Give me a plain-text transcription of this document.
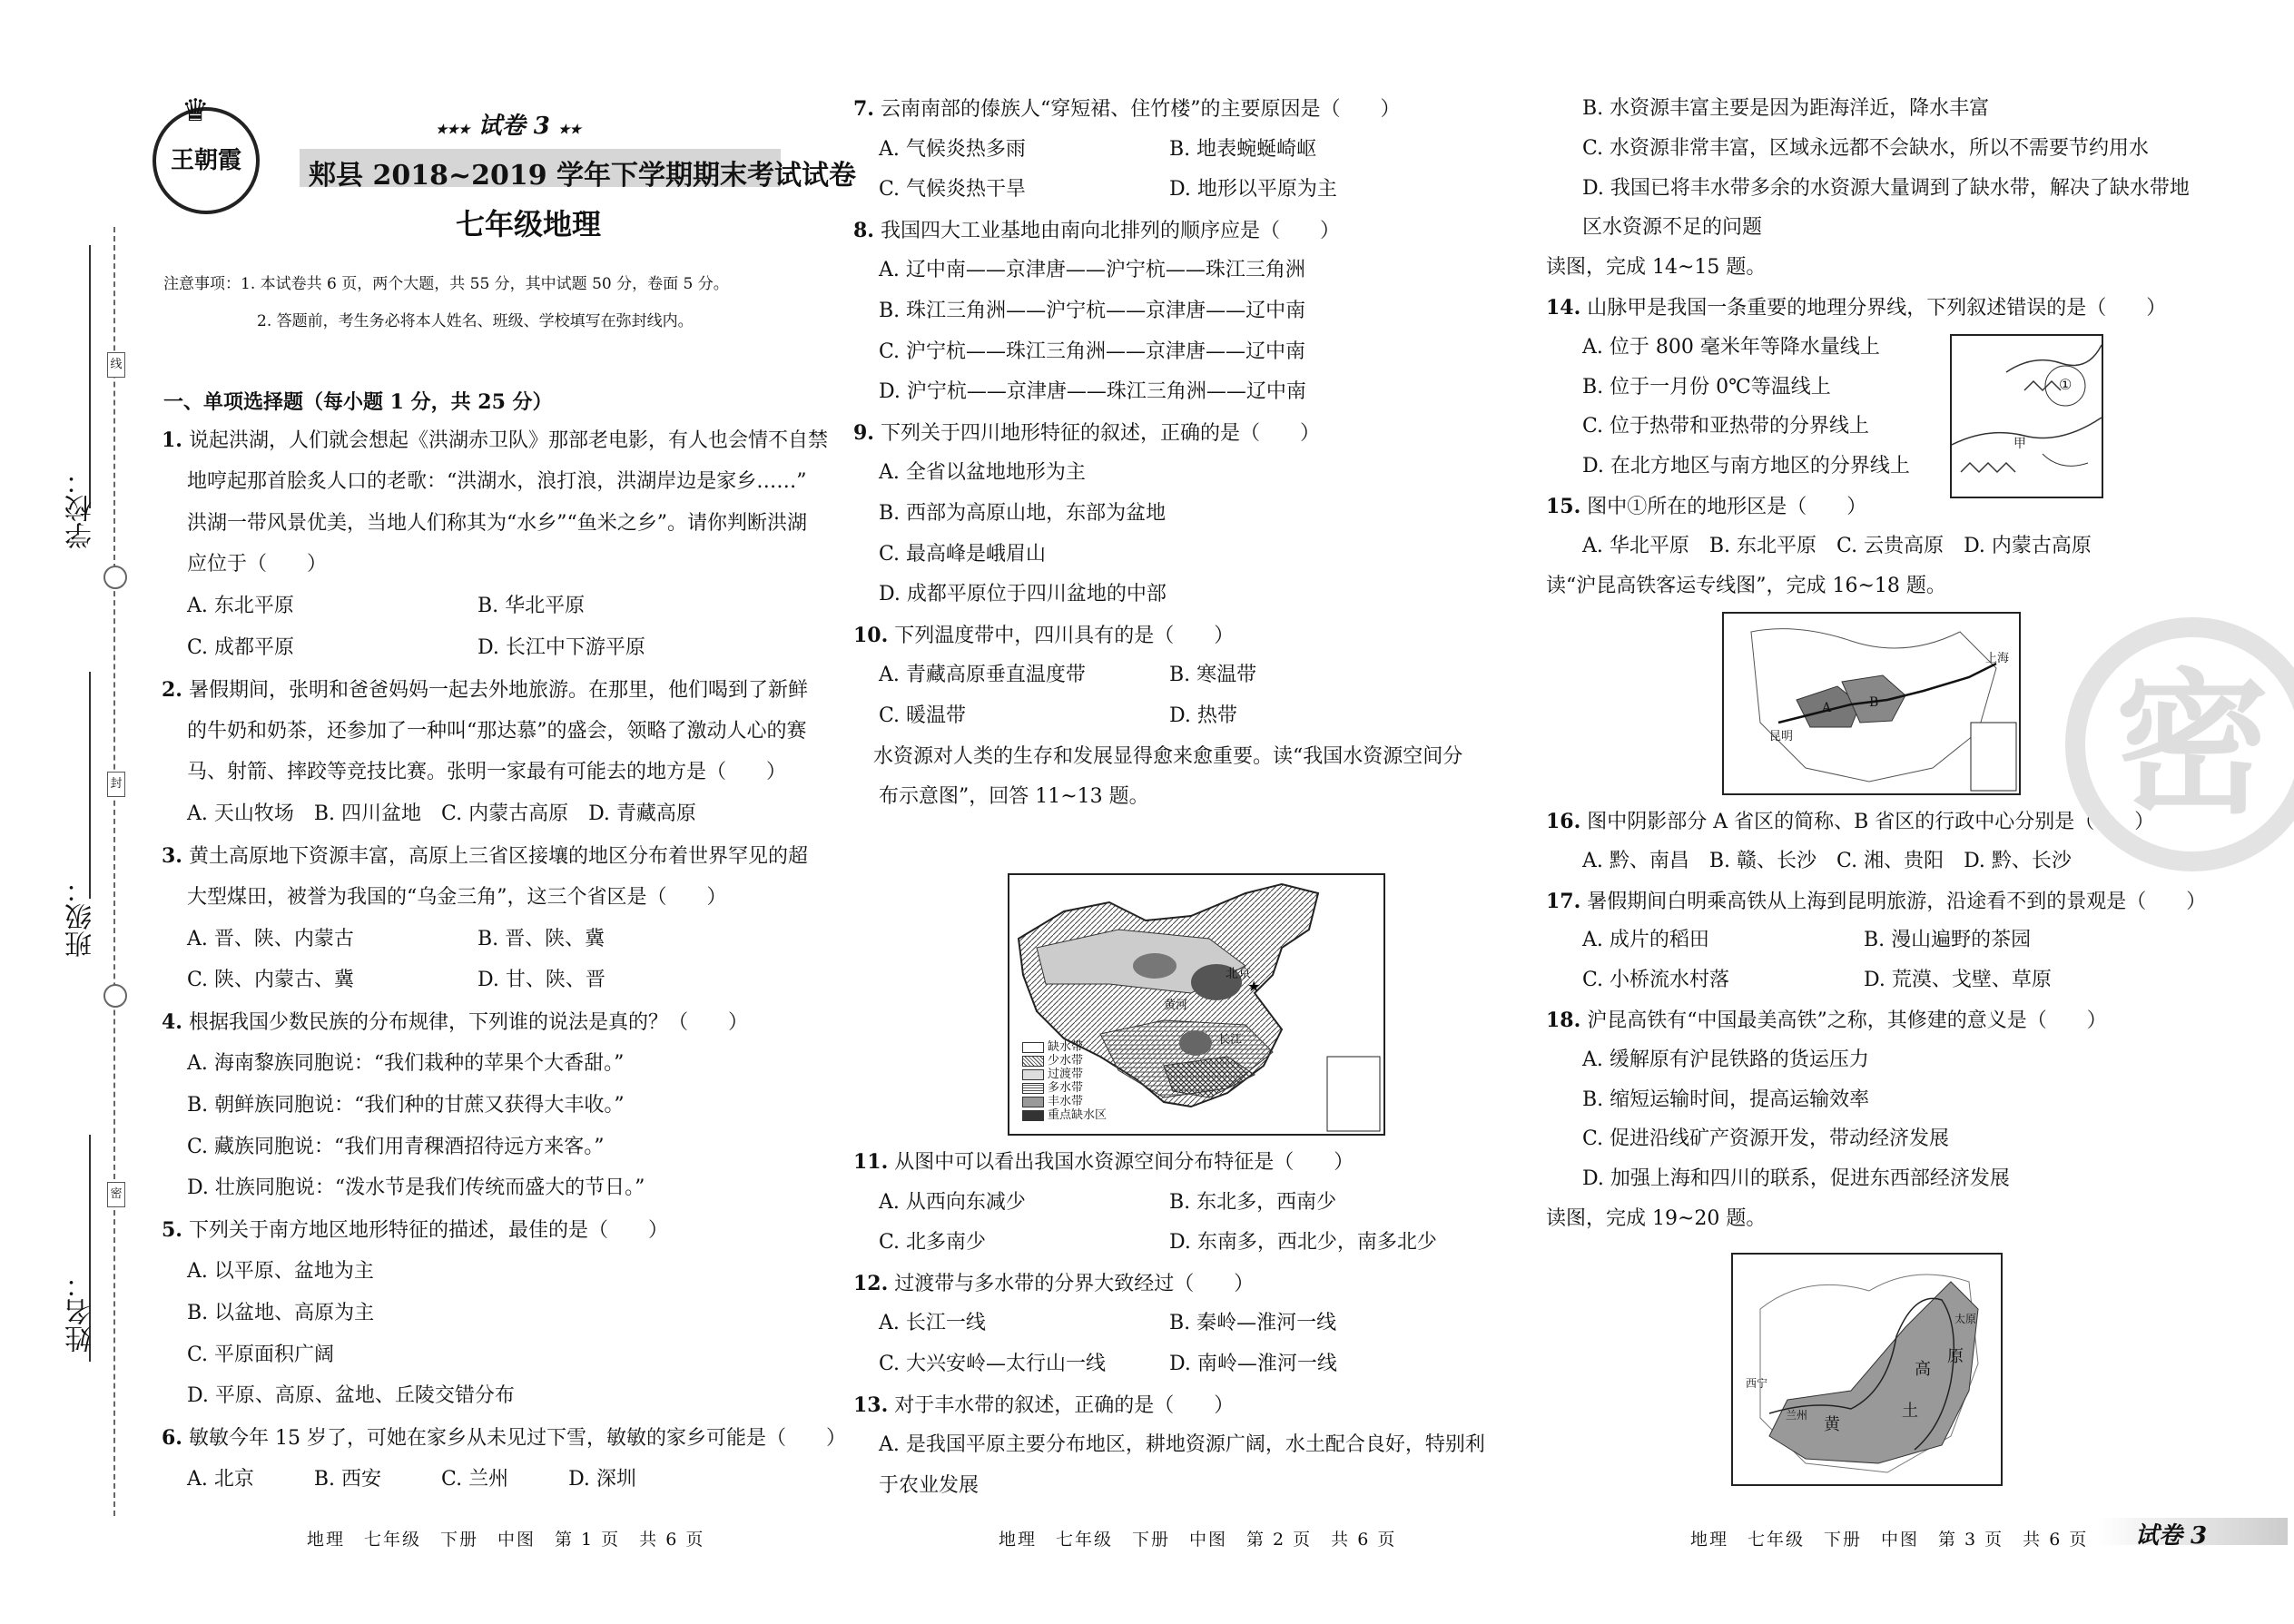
学校：
班级：
姓名：
线
封
密
♛
王朝霞
★★★ 试卷 3 ★★
郏县 2018~2019 学年下学期期末考试试卷
七年级地理
注意事项：1. 本试卷共 6 页，两个大题，共 55 分，其中试题 50 分，卷面 5 分。
2. 答题前，考生务必将本人姓名、班级、学校填写在弥封线内。
一、单项选择题（每小题 1 分，共 25 分）
1. 说起洪湖，人们就会想起《洪湖赤卫队》那部老电影，有人也会情不自禁
地哼起那首脍炙人口的老歌：“洪湖水，浪打浪，洪湖岸边是家乡……”
洪湖一带风景优美，当地人们称其为“水乡”“鱼米之乡”。请你判断洪湖
应位于（　　）
A. 东北平原	B. 华北平原
C. 成都平原	D. 长江中下游平原
2. 暑假期间，张明和爸爸妈妈一起去外地旅游。在那里，他们喝到了新鲜
的牛奶和奶茶，还参加了一种叫“那达慕”的盛会，领略了激动人心的赛
马、射箭、摔跤等竞技比赛。张明一家最有可能去的地方是（　　）
A. 天山牧场　B. 四川盆地　C. 内蒙古高原　D. 青藏高原
3. 黄土高原地下资源丰富，高原上三省区接壤的地区分布着世界罕见的超
大型煤田，被誉为我国的“乌金三角”，这三个省区是（　　）
A. 晋、陕、内蒙古	B. 晋、陕、冀
C. 陕、内蒙古、冀	D. 甘、陕、晋
4. 根据我国少数民族的分布规律，下列谁的说法是真的？（　　）
A. 海南黎族同胞说：“我们栽种的苹果个大香甜。”
B. 朝鲜族同胞说：“我们种的甘蔗又获得大丰收。”
C. 藏族同胞说：“我们用青稞酒招待远方来客。”
D. 壮族同胞说：“泼水节是我们传统而盛大的节日。”
5. 下列关于南方地区地形特征的描述，最佳的是（　　）
A. 以平原、盆地为主
B. 以盆地、高原为主
C. 平原面积广阔
D. 平原、高原、盆地、丘陵交错分布
6. 敏敏今年 15 岁了，可她在家乡从未见过下雪，敏敏的家乡可能是（　　）
A. 北京　　　B. 西安　　　C. 兰州　　　D. 深圳
7. 云南南部的傣族人“穿短裙、住竹楼”的主要原因是（　　）
A. 气候炎热多雨	B. 地表蜿蜒崎岖
C. 气候炎热干旱	D. 地形以平原为主
8. 我国四大工业基地由南向北排列的顺序应是（　　）
A. 辽中南——京津唐——沪宁杭——珠江三角洲
B. 珠江三角洲——沪宁杭——京津唐——辽中南
C. 沪宁杭——珠江三角洲——京津唐——辽中南
D. 沪宁杭——京津唐——珠江三角洲——辽中南
9. 下列关于四川地形特征的叙述，正确的是（　　）
A. 全省以盆地地形为主
B. 西部为高原山地，东部为盆地
C. 最高峰是峨眉山
D. 成都平原位于四川盆地的中部
10. 下列温度带中，四川具有的是（　　）
A. 青藏高原垂直温度带	B. 寒温带
C. 暖温带	D. 热带
　水资源对人类的生存和发展显得愈来愈重要。读“我国水资源空间分
布示意图”，回答 11~13 题。
11. 从图中可以看出我国水资源空间分布特征是（　　）
A. 从西向东减少	B. 东北多，西南少
C. 北多南少	D. 东南多，西北少，南多北少
12. 过渡带与多水带的分界大致经过（　　）
A. 长江一线	B. 秦岭—淮河一线
C. 大兴安岭—太行山一线	D. 南岭—淮河一线
13. 对于丰水带的叙述，正确的是（　　）
A. 是我国平原主要分布地区，耕地资源广阔，水土配合良好，特别利
于农业发展
★
北京
长江
黄河
缺水带
少水带
过渡带
多水带
丰水带
重点缺水区
B. 水资源丰富主要是因为距海洋近，降水丰富
C. 水资源非常丰富，区域永远都不会缺水，所以不需要节约用水
D. 我国已将丰水带多余的水资源大量调到了缺水带，解决了缺水带地
区水资源不足的问题
读图，完成 14~15 题。
14. 山脉甲是我国一条重要的地理分界线，下列叙述错误的是（　　）
A. 位于 800 毫米年等降水量线上
B. 位于一月份 0℃等温线上
C. 位于热带和亚热带的分界线上
D. 在北方地区与南方地区的分界线上
15. 图中①所在的地形区是（　　）
A. 华北平原　B. 东北平原　C. 云贵高原　D. 内蒙古高原
读“沪昆高铁客运专线图”，完成 16~18 题。
16. 图中阴影部分 A 省区的简称、B 省区的行政中心分别是（　　）
A. 黔、南昌　B. 赣、长沙　C. 湘、贵阳　D. 黔、长沙
17. 暑假期间白明乘高铁从上海到昆明旅游，沿途看不到的景观是（　　）
A. 成片的稻田	B. 漫山遍野的茶园
C. 小桥流水村落	D. 荒漠、戈壁、草原
18. 沪昆高铁有“中国最美高铁”之称，其修建的意义是（　　）
A. 缓解原有沪昆铁路的货运压力
B. 缩短运输时间，提高运输效率
C. 促进沿线矿产资源开发，带动经济发展
D. 加强上海和四川的联系，促进东西部经济发展
读图，完成 19~20 题。
甲
①
上海
昆明
A	B
高
原
土
黄
兰州
太原
西宁
密
地理　七年级　下册　中图　第 1 页　共 6 页	地理　七年级　下册　中图　第 2 页　共 6 页	地理　七年级　下册　中图　第 3 页　共 6 页 试卷 3
